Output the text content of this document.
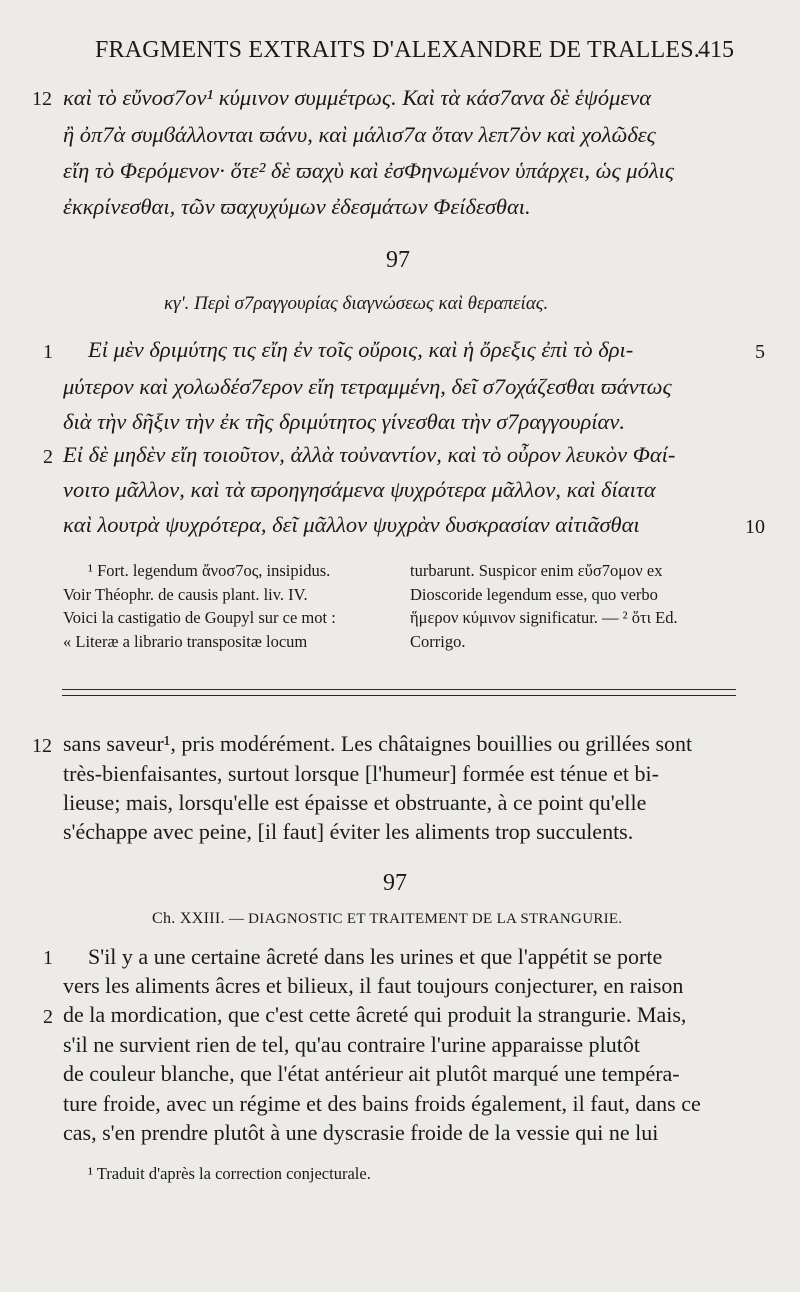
FRAGMENTS EXTRAITS D'ALEXANDRE DE TRALLES.
415
12 καὶ τὸ εὔνοσ7ον¹ κύμινον συμμέτρως. Καὶ τὰ κάσ7ανα δὲ ἑψόμενα
ἢ ὀπ7ὰ συμϐάλλονται ϖάνυ, καὶ μάλισ7α ὅταν λεπ7ὸν καὶ χολῶδες
εἴη τὸ Φερόμενον· ὅτε² δὲ ϖαχὺ καὶ ἐσΦηνωμένον ὑπάρχει, ὡς μόλις
ἐκκρίνεσθαι, τῶν ϖαχυχύμων ἐδεσμάτων Φείδεσθαι.
97
κγ'. Περὶ σ7ραγγουρίας διαγνώσεως καὶ θεραπείας.
1 Εἰ μὲν δριμύτης τις εἴη ἐν τοῖς οὔροις, καὶ ἡ ὄρεξις ἐπὶ τὸ δρι-	5
μύτερον καὶ χολωδέσ7ερον εἴη τετραμμένη, δεῖ σ7οχάζεσθαι ϖάντως
διὰ τὴν δῆξιν τὴν ἐκ τῆς δριμύτητος γίνεσθαι τὴν σ7ραγγουρίαν.
2 Εἰ δὲ μηδὲν εἴη τοιοῦτον, ἀλλὰ τοὐναντίον, καὶ τὸ οὖρον λευκὸν Φαί-
νοιτο μᾶλλον, καὶ τὰ ϖροηγησάμενα ψυχρότερα μᾶλλον, καὶ δίαιτα
καὶ λουτρὰ ψυχρότερα, δεῖ μᾶλλον ψυχρὰν δυσκρασίαν αἰτιᾶσθαι	10
¹ Fort. legendum ἄνοσ7ος, insipidus.
Voir Théophr. de causis plant. liv. IV.
Voici la castigatio de Goupyl sur ce mot :
« Literæ a librario transpositæ locum
turbarunt. Suspicor enim εὔσ7ομον ex
Dioscoride legendum esse, quo verbo
ἥμερον κύμινον significatur. — ² ὅτι Ed.
Corrigo.
12 sans saveur¹, pris modérément. Les châtaignes bouillies ou grillées sont
très-bienfaisantes, surtout lorsque [l'humeur] formée est ténue et bi-
lieuse; mais, lorsqu'elle est épaisse et obstruante, à ce point qu'elle
s'échappe avec peine, [il faut] éviter les aliments trop succulents.
97
Ch. XXIII. — DIAGNOSTIC ET TRAITEMENT DE LA STRANGURIE.
1 S'il y a une certaine âcreté dans les urines et que l'appétit se porte
vers les aliments âcres et bilieux, il faut toujours conjecturer, en raison
2 de la mordication, que c'est cette âcreté qui produit la strangurie. Mais,
s'il ne survient rien de tel, qu'au contraire l'urine apparaisse plutôt
de couleur blanche, que l'état antérieur ait plutôt marqué une tempéra-
ture froide, avec un régime et des bains froids également, il faut, dans ce
cas, s'en prendre plutôt à une dyscrasie froide de la vessie qui ne lui
¹ Traduit d'après la correction conjecturale.
